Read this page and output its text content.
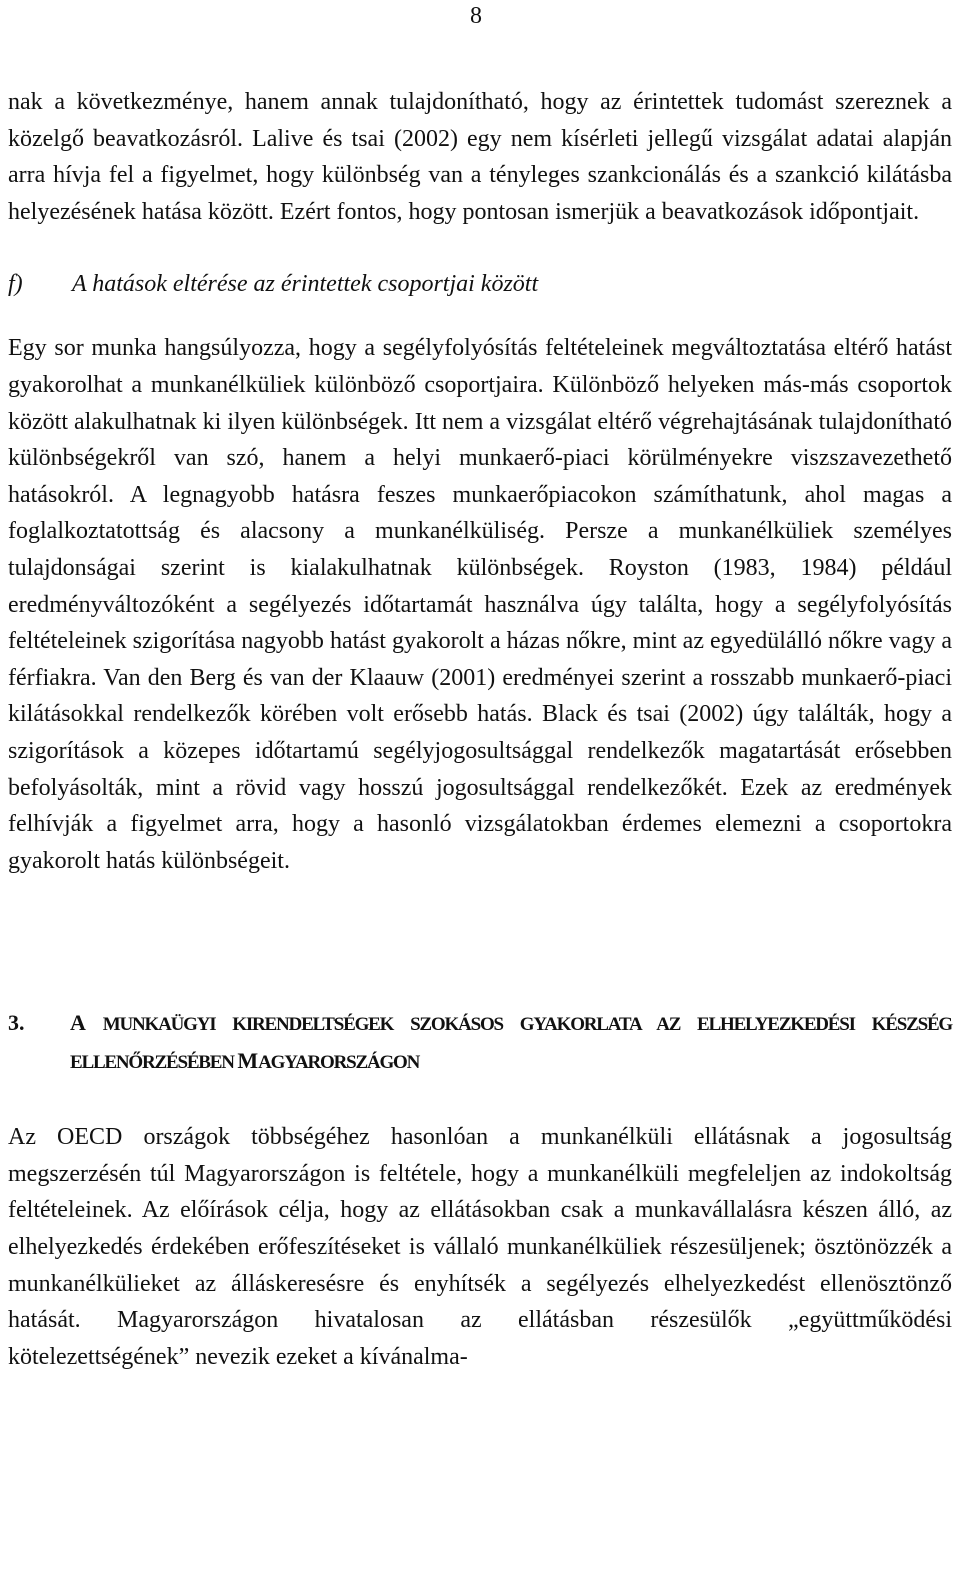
8

nak a következménye, hanem annak tulajdonítható, hogy az érintettek tudomást szereznek a közelgő beavatkozásról. Lalive és tsai (2002) egy nem kísérleti jellegű vizsgálat adatai alapján arra hívja fel a figyelmet, hogy különbség van a tényleges szankcionálás és a szankció kilátásba helyezésének hatása között. Ezért fontos, hogy pontosan ismerjük a beavatkozások időpontjait.

f)	A hatások eltérése az érintettek csoportjai között

Egy sor munka hangsúlyozza, hogy a segélyfolyósítás feltételeinek megváltoztatása eltérő hatást gyakorolhat a munkanélküliek különböző csoportjaira. Különböző helyeken más-más csoportok között alakulhatnak ki ilyen különbségek. Itt nem a vizsgálat eltérő végrehajtásának tulajdonítható különbségekről van szó, hanem a helyi munkaerő-piaci körülményekre viszszavezethető hatásokról. A legnagyobb hatásra feszes munkaerőpiacokon számíthatunk, ahol magas a foglalkoztatottság és alacsony a munkanélküliség. Persze a munkanélküliek személyes tulajdonságai szerint is kialakulhatnak különbségek. Royston (1983, 1984) például eredményváltozóként a segélyezés időtartamát használva úgy találta, hogy a segélyfolyósítás feltételeinek szigorítása nagyobb hatást gyakorolt a házas nőkre, mint az egyedülálló nőkre vagy a férfiakra. Van den Berg és van der Klaauw (2001) eredményei szerint a rosszabb munkaerő-piaci kilátásokkal rendelkezők körében volt erősebb hatás. Black és tsai (2002) úgy találták, hogy a szigorítások a közepes időtartamú segélyjogosultsággal rendelkezők magatartását erősebben befolyásolták, mint a rövid vagy hosszú jogosultsággal rendelkezőkét. Ezek az eredmények felhívják a figyelmet arra, hogy a hasonló vizsgálatokban érdemes elemezni a csoportokra gyakorolt hatás különbségeit.

3.	A MUNKAÜGYI KIRENDELTSÉGEK SZOKÁSOS GYAKORLATA AZ ELHELYEZKEDÉSI KÉSZSÉG ELLENŐRZÉSÉBEN MAGYARORSZÁGON

Az OECD országok többségéhez hasonlóan a munkanélküli ellátásnak a jogosultság megszerzésén túl Magyarországon is feltétele, hogy a munkanélküli megfeleljen az indokoltság feltételeinek. Az előírások célja, hogy az ellátásokban csak a munkavállalásra készen álló, az elhelyezkedés érdekében erőfeszítéseket is vállaló munkanélküliek részesüljenek; ösztönözzék a munkanélkülieket az álláskeresésre és enyhítsék a segélyezés elhelyezkedést ellenösztönző hatását. Magyarországon hivatalosan az ellátásban részesülők „együttműködési kötelezettségének” nevezik ezeket a kívánalma-
